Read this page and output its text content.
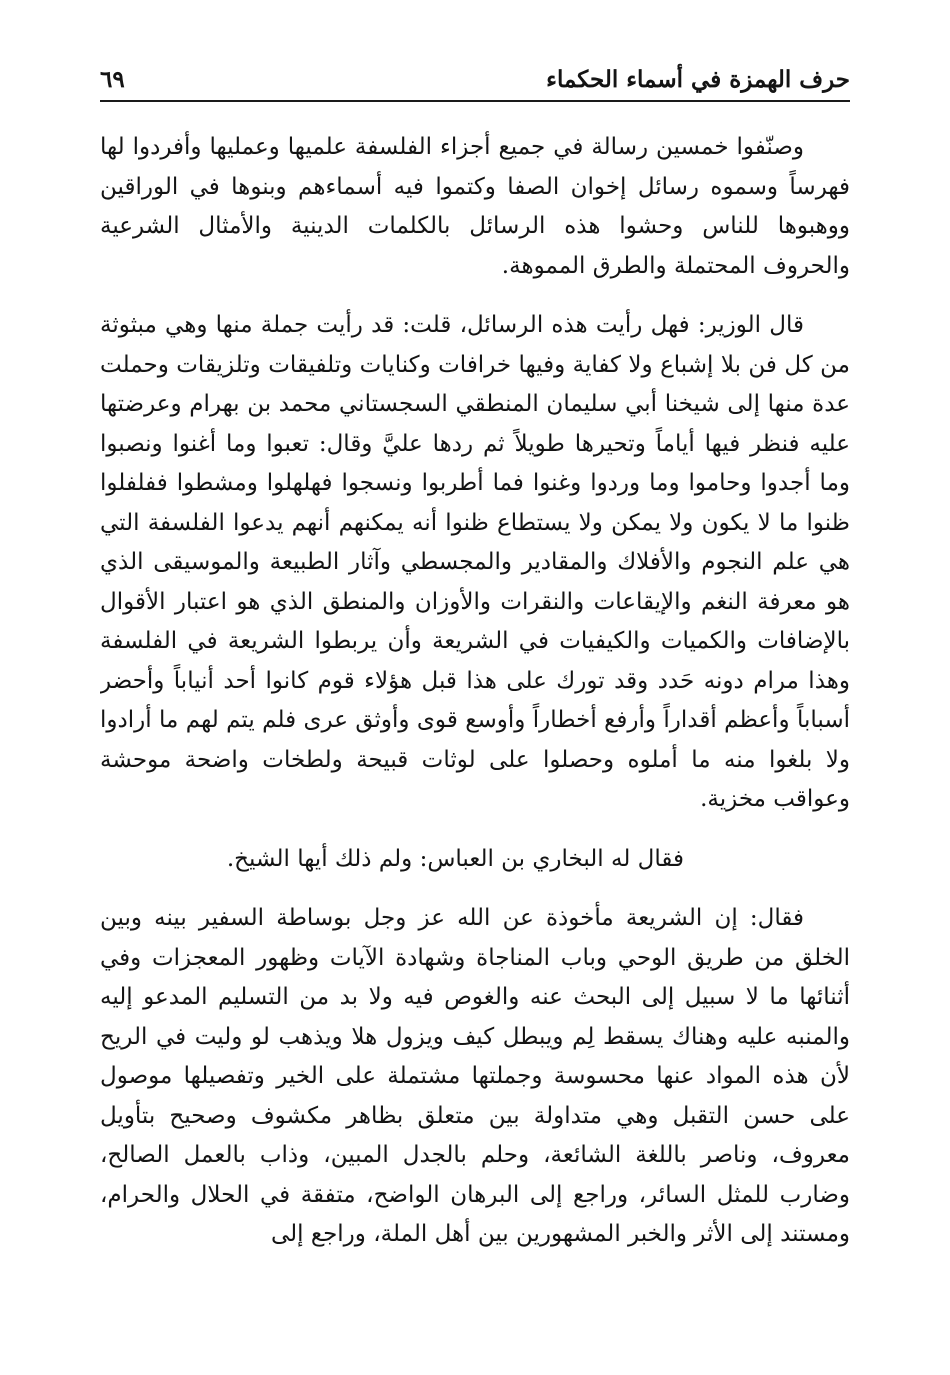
حرف الهمزة في أسماء الحكماء
٦٩

وصنّفوا خمسين رسالة في جميع أجزاء الفلسفة علميها وعمليها وأفردوا لها فهرساً وسموه رسائل إخوان الصفا وكتموا فيه أسماءهم وبنوها في الوراقين ووهبوها للناس وحشوا هذه الرسائل بالكلمات الدينية والأمثال الشرعية والحروف المحتملة والطرق المموهة.

قال الوزير: فهل رأيت هذه الرسائل، قلت: قد رأيت جملة منها وهي مبثوثة من كل فن بلا إشباع ولا كفاية وفيها خرافات وكنايات وتلفيقات وتلزيقات وحملت عدة منها إلى شيخنا أبي سليمان المنطقي السجستاني محمد بن بهرام وعرضتها عليه فنظر فيها أياماً وتحيرها طويلاً ثم ردها عليَّ وقال: تعبوا وما أغنوا ونصبوا وما أجدوا وحاموا وما وردوا وغنوا فما أطربوا ونسجوا فهلهلوا ومشطوا ففلفلوا ظنوا ما لا يكون ولا يمكن ولا يستطاع ظنوا أنه يمكنهم أنهم يدعوا الفلسفة التي هي علم النجوم والأفلاك والمقادير والمجسطي وآثار الطبيعة والموسيقى الذي هو معرفة النغم والإيقاعات والنقرات والأوزان والمنطق الذي هو اعتبار الأقوال بالإضافات والكميات والكيفيات في الشريعة وأن يربطوا الشريعة في الفلسفة وهذا مرام دونه حَدد وقد تورك على هذا قبل هؤلاء قوم كانوا أحد أنياباً وأحضر أسباباً وأعظم أقداراً وأرفع أخطاراً وأوسع قوى وأوثق عرى فلم يتم لهم ما أرادوا ولا بلغوا منه ما أملوه وحصلوا على لوثات قبيحة ولطخات واضحة موحشة وعواقب مخزية.

فقال له البخاري بن العباس: ولم ذلك أيها الشيخ.

فقال: إن الشريعة مأخوذة عن الله عز وجل بوساطة السفير بينه وبين الخلق من طريق الوحي وباب المناجاة وشهادة الآيات وظهور المعجزات وفي أثنائها ما لا سبيل إلى البحث عنه والغوص فيه ولا بد من التسليم المدعو إليه والمنبه عليه وهناك يسقط لِم ويبطل كيف ويزول هلا ويذهب لو وليت في الريح لأن هذه المواد عنها محسوسة وجملتها مشتملة على الخير وتفصيلها موصول على حسن التقبل وهي متداولة بين متعلق بظاهر مكشوف وصحيح بتأويل معروف، وناصر باللغة الشائعة، وحلم بالجدل المبين، وذاب بالعمل الصالح، وضارب للمثل السائر، وراجع إلى البرهان الواضح، متفقة في الحلال والحرام، ومستند إلى الأثر والخبر المشهورين بين أهل الملة، وراجع إلى
